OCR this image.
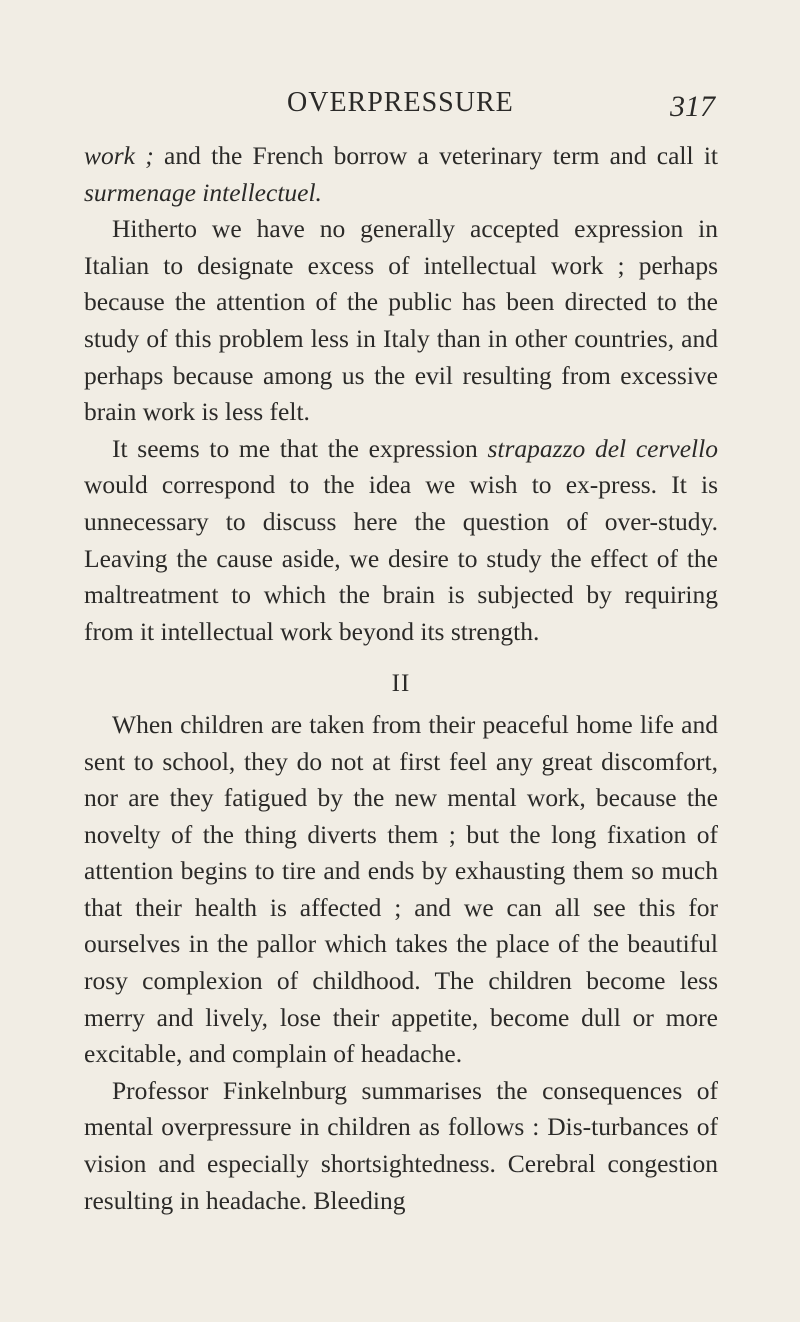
OVERPRESSURE	317

work ; and the French borrow a veterinary term and call it surmenage intellectuel.

Hitherto we have no generally accepted expression in Italian to designate excess of intellectual work ; perhaps because the attention of the public has been directed to the study of this problem less in Italy than in other countries, and perhaps because among us the evil resulting from excessive brain work is less felt.

It seems to me that the expression strapazzo del cervello would correspond to the idea we wish to ex-press. It is unnecessary to discuss here the question of over-study. Leaving the cause aside, we desire to study the effect of the maltreatment to which the brain is subjected by requiring from it intellectual work beyond its strength.

II

When children are taken from their peaceful home life and sent to school, they do not at first feel any great discomfort, nor are they fatigued by the new mental work, because the novelty of the thing diverts them ; but the long fixation of attention begins to tire and ends by exhausting them so much that their health is affected ; and we can all see this for ourselves in the pallor which takes the place of the beautiful rosy complexion of childhood. The children become less merry and lively, lose their appetite, become dull or more excitable, and complain of headache.

Professor Finkelnburg summarises the consequences of mental overpressure in children as follows : Dis-turbances of vision and especially shortsightedness. Cerebral congestion resulting in headache. Bleeding
